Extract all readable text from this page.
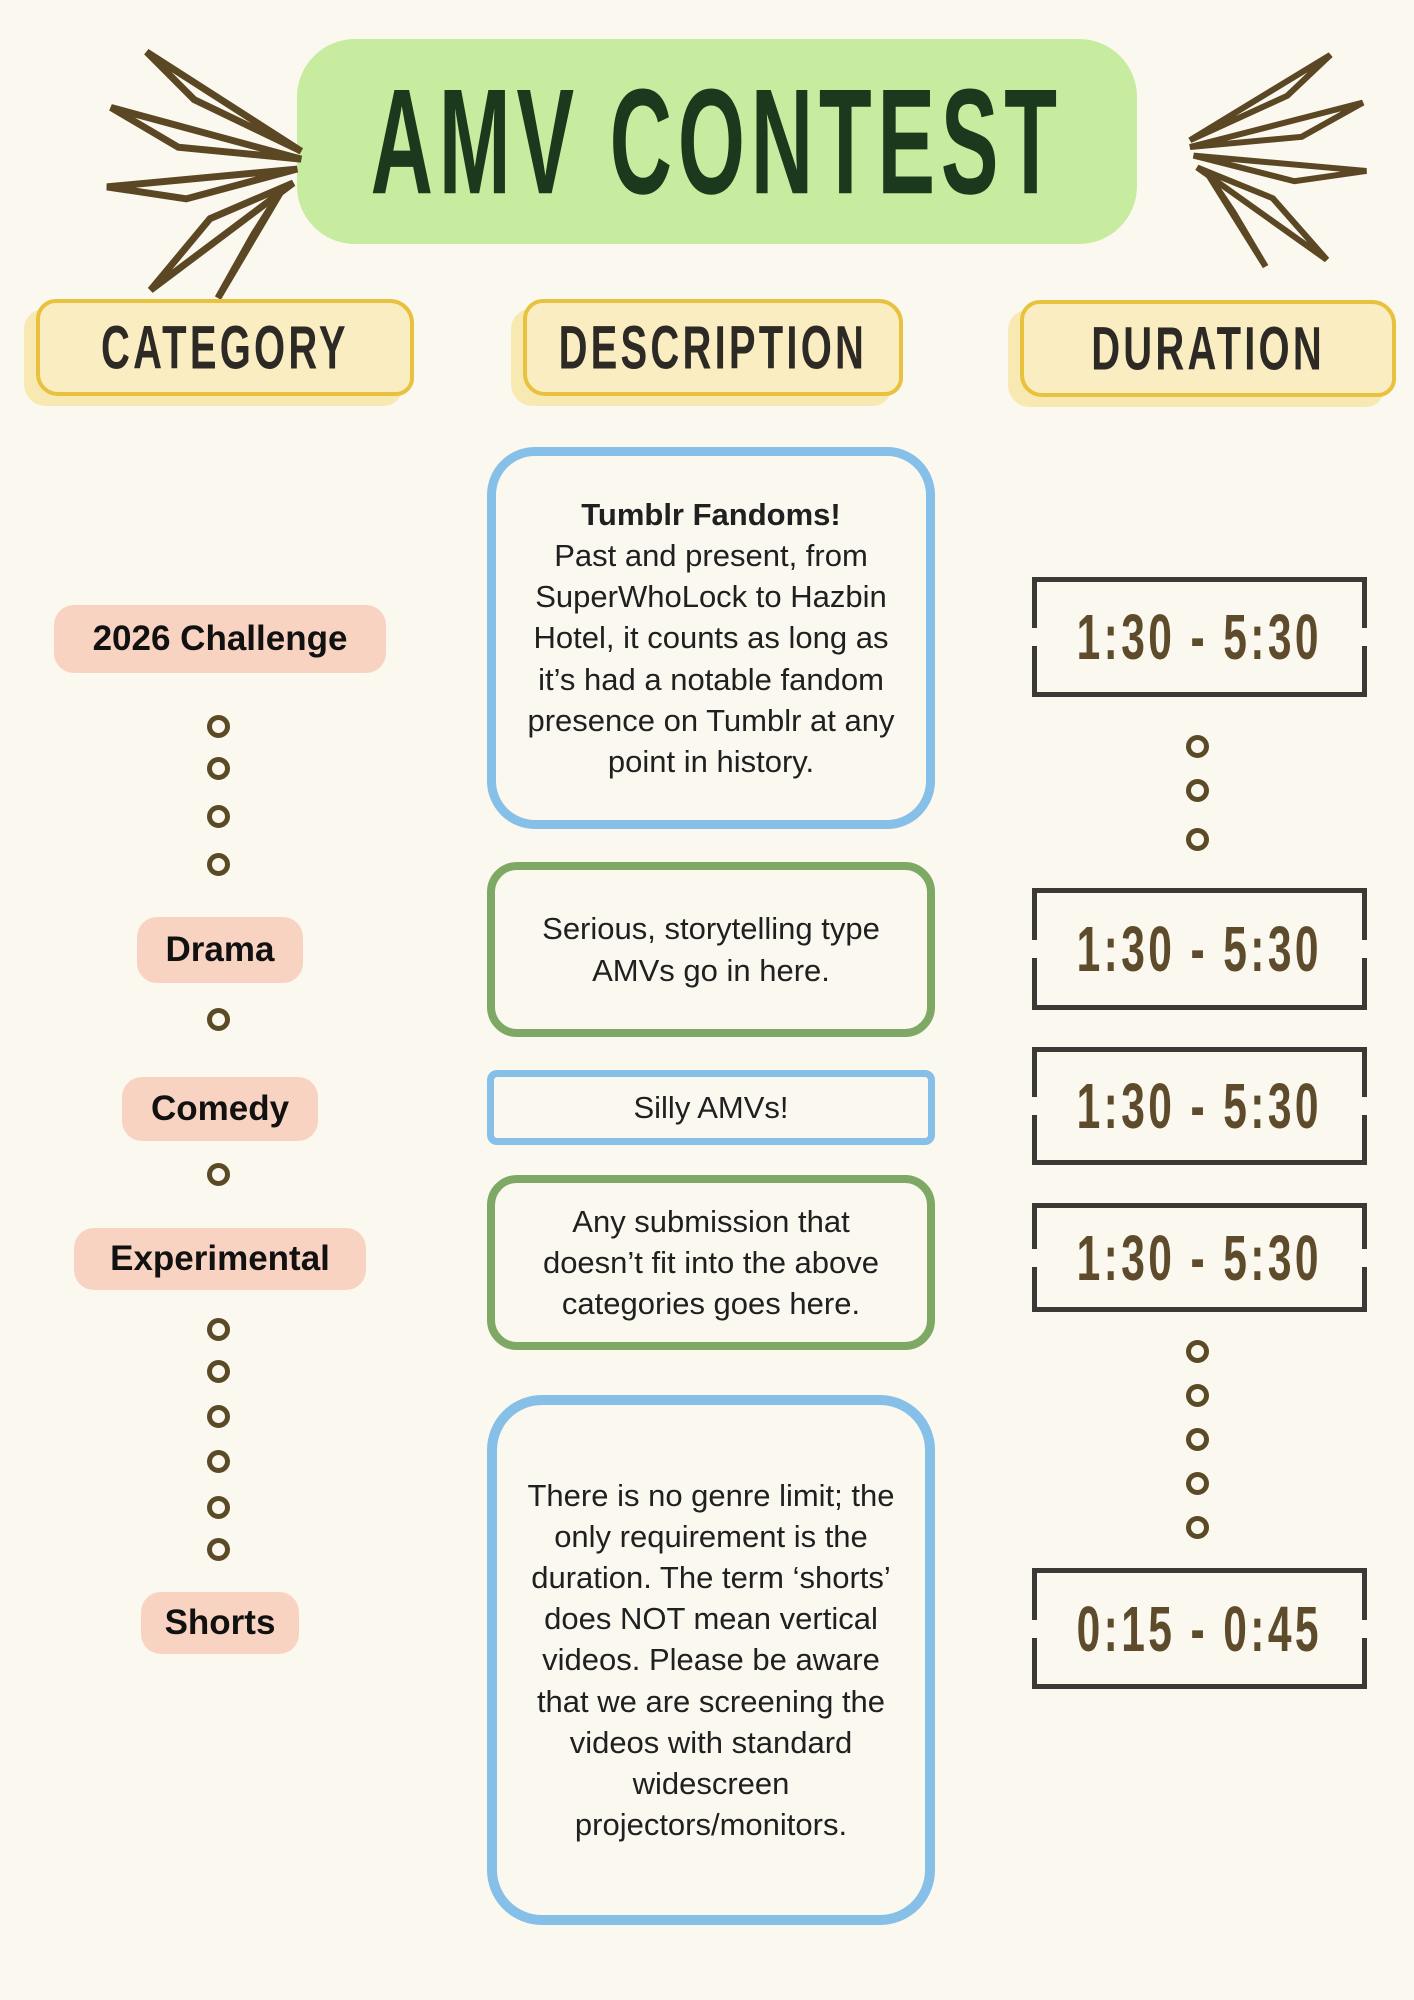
AMV CONTEST
CATEGORY	DESCRIPTION	DURATION
2026 Challenge
Drama
Comedy
Experimental
Shorts

Tumblr Fandoms!

Past and present, from SuperWhoLock to Hazbin Hotel, it counts as long as it’s had a notable fandom presence on Tumblr at any point in history.

Serious, storytelling type AMVs go in here.

Silly AMVs!

Any submission that doesn’t fit into the above categories goes here.

There is no genre limit; the only requirement is the duration. The term ‘shorts’ does NOT mean vertical videos. Please be aware that we are screening the videos with standard widescreen projectors/monitors.

1:30 - 5:30
1:30 - 5:30
1:30 - 5:30
1:30 - 5:30
0:15 - 0:45
